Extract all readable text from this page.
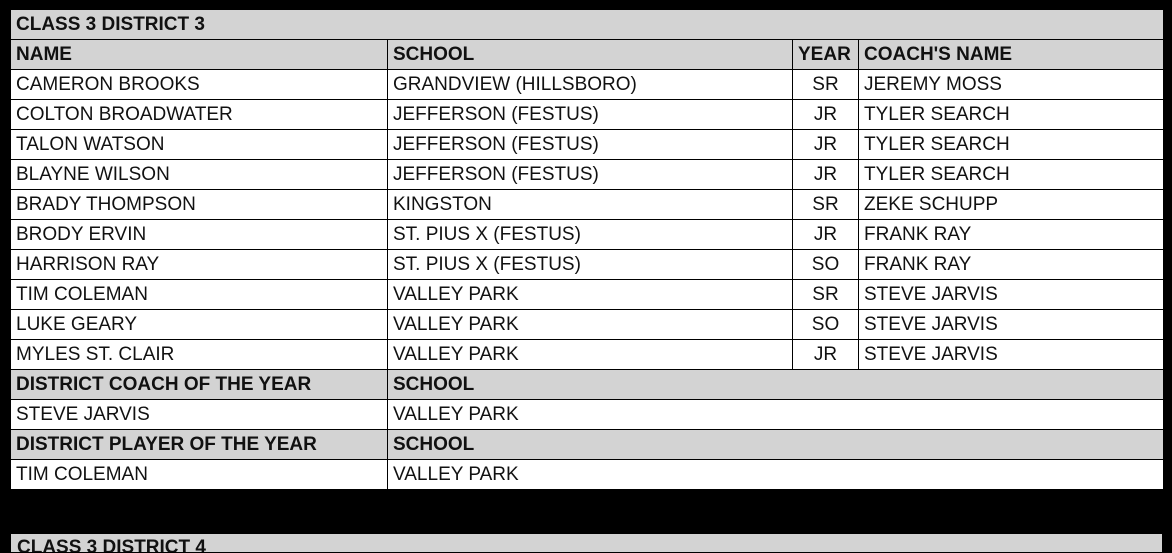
CLASS 3 DISTRICT 3			
NAME	SCHOOL	YEAR	COACH'S NAME
CAMERON BROOKS	GRANDVIEW (HILLSBORO)	SR	JEREMY MOSS
COLTON BROADWATER	JEFFERSON (FESTUS)	JR	TYLER SEARCH
TALON WATSON	JEFFERSON (FESTUS)	JR	TYLER SEARCH
BLAYNE WILSON	JEFFERSON (FESTUS)	JR	TYLER SEARCH
BRADY THOMPSON	KINGSTON	SR	ZEKE SCHUPP
BRODY ERVIN	ST. PIUS X (FESTUS)	JR	FRANK RAY
HARRISON RAY	ST. PIUS X (FESTUS)	SO	FRANK RAY
TIM COLEMAN	VALLEY PARK	SR	STEVE JARVIS
LUKE GEARY	VALLEY PARK	SO	STEVE JARVIS
MYLES ST. CLAIR	VALLEY PARK	JR	STEVE JARVIS
DISTRICT COACH OF THE YEAR	SCHOOL		
STEVE JARVIS	VALLEY PARK		
DISTRICT PLAYER OF THE YEAR	SCHOOL		
TIM COLEMAN	VALLEY PARK		
CLASS 3 DISTRICT 4
